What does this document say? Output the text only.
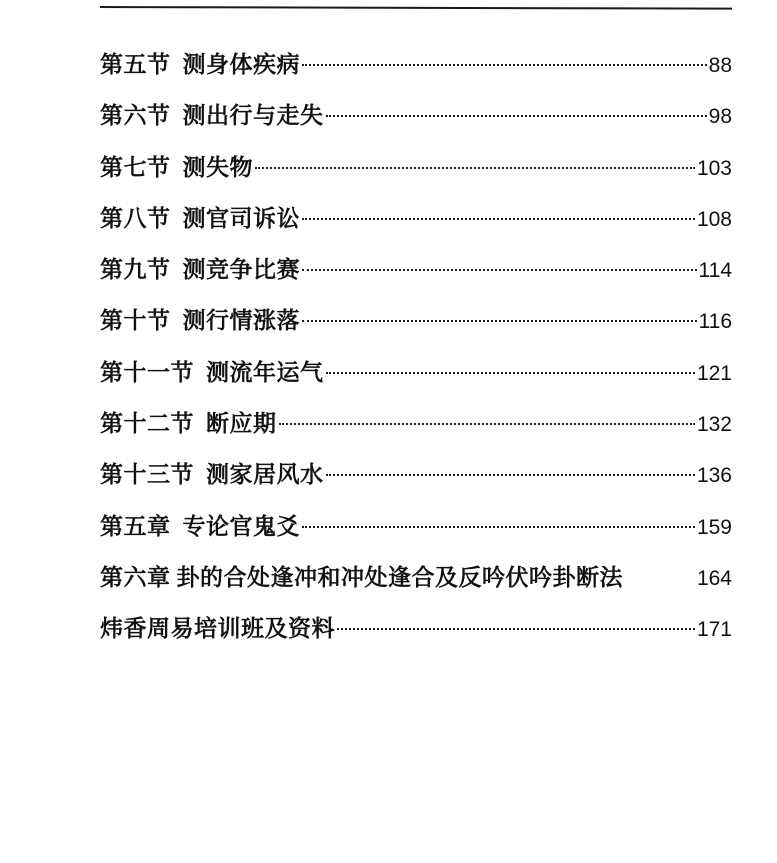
第五节 测身体疾病	88
第六节 测出行与走失	98
第七节 测失物	103
第八节 测官司诉讼	108
第九节 测竞争比赛	114
第十节 测行情涨落	116
第十一节 测流年运气	121
第十二节 断应期	132
第十三节 测家居风水	136
第五章 专论官鬼爻	159
第六章 卦的合处逢冲和冲处逢合及反吟伏吟卦断法	164
炜香周易培训班及资料	171
